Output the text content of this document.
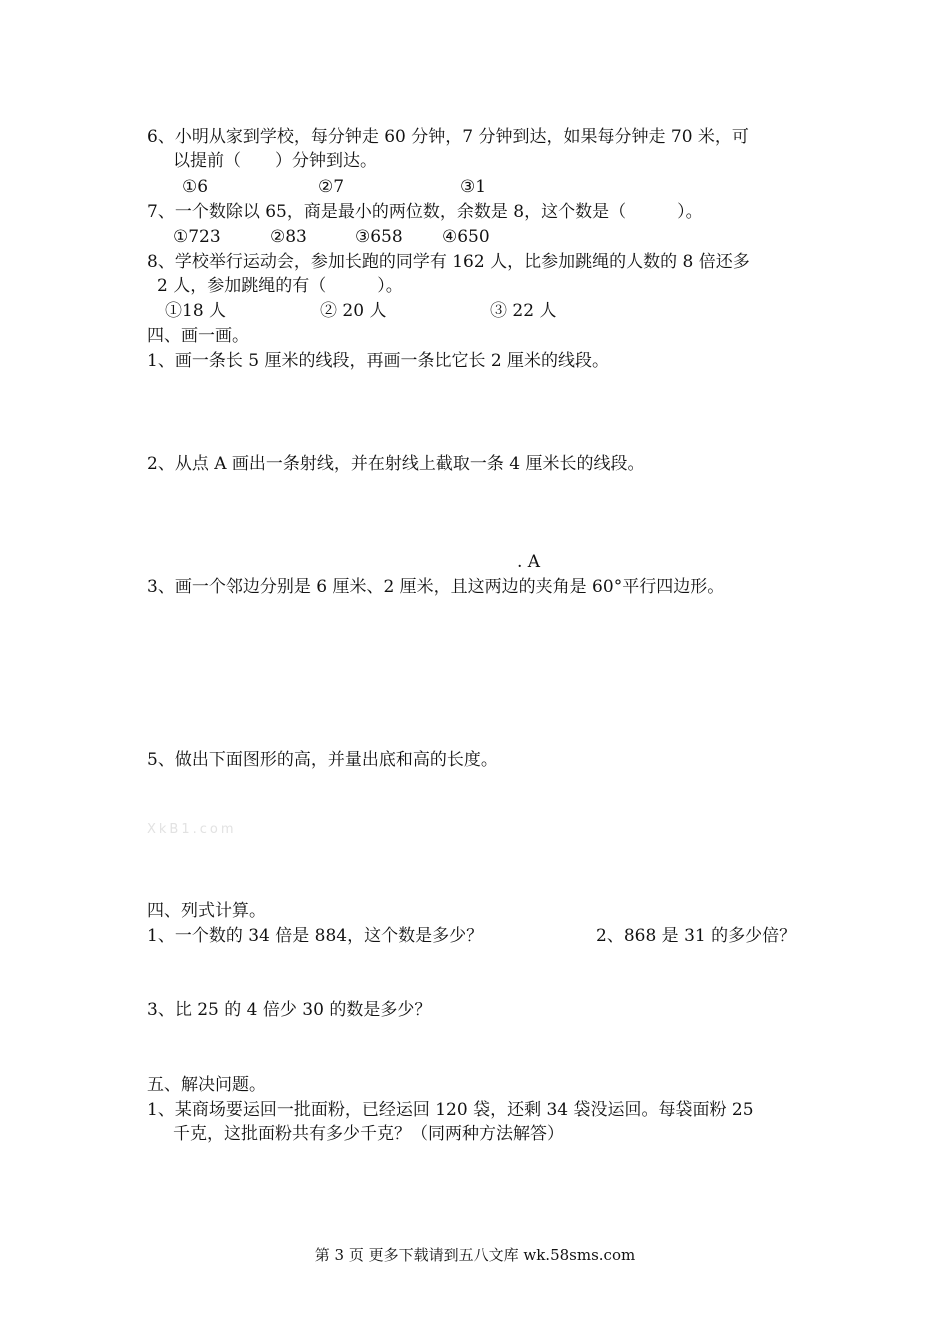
6、小明从家到学校，每分钟走 60 分钟，7 分钟到达，如果每分钟走 70 米，可
以提前（　　）分钟到达。
①6	②7	③1
7、一个数除以 65，商是最小的两位数，余数是 8，这个数是（　　　）。
①723	②83	③658 ④650
8、学校举行运动会，参加长跑的同学有 162 人，比参加跳绳的人数的 8 倍还多
2 人，参加跳绳的有（　　　）。
①18 人	② 20 人	③ 22 人
四、画一画。
1、画一条长 5 厘米的线段，再画一条比它长 2 厘米的线段。
2、从点 A 画出一条射线，并在射线上截取一条 4 厘米长的线段。
. A
3、画一个邻边分别是 6 厘米、2 厘米，且这两边的夹角是 60°平行四边形。
5、做出下面图形的高，并量出底和高的长度。
XkB1.com
四、列式计算。
1、一个数的 34 倍是 884，这个数是多少？	2、868 是 31 的多少倍？
3、比 25 的 4 倍少 30 的数是多少？
五、解决问题。
1、某商场要运回一批面粉，已经运回 120 袋，还剩 34 袋没运回。每袋面粉 25
千克，这批面粉共有多少千克？（同两种方法解答）
第 3 页 更多下载请到五八文库 wk.58sms.com
